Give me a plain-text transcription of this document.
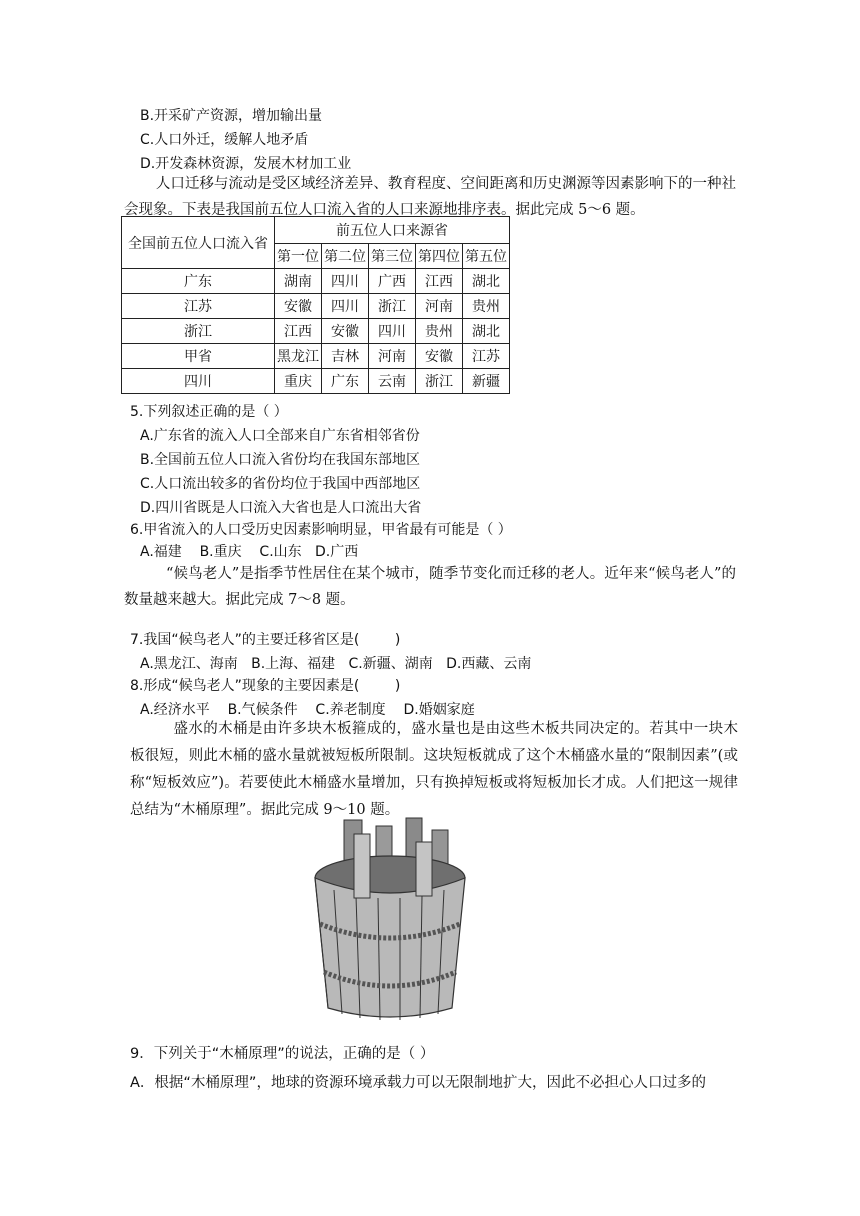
B.开采矿产资源，增加输出量
C.人口外迁，缓解人地矛盾
D.开发森林资源，发展木材加工业
人口迁移与流动是受区域经济差异、教育程度、空间距离和历史渊源等因素影响下的一种社会现象。下表是我国前五位人口流入省的人口来源地排序表。据此完成 5～6 题。
全国前五位人口流入省	前五位人口来源省				
	第一位	第二位	第三位	第四位	第五位
广东	湖南	四川	广西	江西	湖北
江苏	安徽	四川	浙江	河南	贵州
浙江	江西	安徽	四川	贵州	湖北
甲省	黑龙江	吉林	河南	安徽	江苏
四川	重庆	广东	云南	浙江	新疆
5.下列叙述正确的是（ ）
A.广东省的流入人口全部来自广东省相邻省份
B.全国前五位人口流入省份均在我国东部地区
C.人口流出较多的省份均位于我国中西部地区
D.四川省既是人口流入大省也是人口流出大省
6.甲省流入的人口受历史因素影响明显，甲省最有可能是（ ）
A.福建    B.重庆    C.山东   D.广西
“候鸟老人”是指季节性居住在某个城市，随季节变化而迁移的老人。近年来“候鸟老人”的数量越来越大。据此完成 7～8 题。
7.我国“候鸟老人”的主要迁移省区是(        )
A.黑龙江、海南   B.上海、福建   C.新疆、湖南   D.西藏、云南
8.形成“候鸟老人”现象的主要因素是(        )
A.经济水平    B.气候条件    C.养老制度    D.婚姻家庭
盛水的木桶是由许多块木板箍成的，盛水量也是由这些木板共同决定的。若其中一块木板很短，则此木桶的盛水量就被短板所限制。这块短板就成了这个木桶盛水量的“限制因素”(或称“短板效应”)。若要使此木桶盛水量增加，只有换掉短板或将短板加长才成。人们把这一规律总结为“木桶原理”。据此完成 9～10 题。
9．下列关于“木桶原理”的说法，正确的是（ ）
A．根据“木桶原理”，地球的资源环境承载力可以无限制地扩大，因此不必担心人口过多的
